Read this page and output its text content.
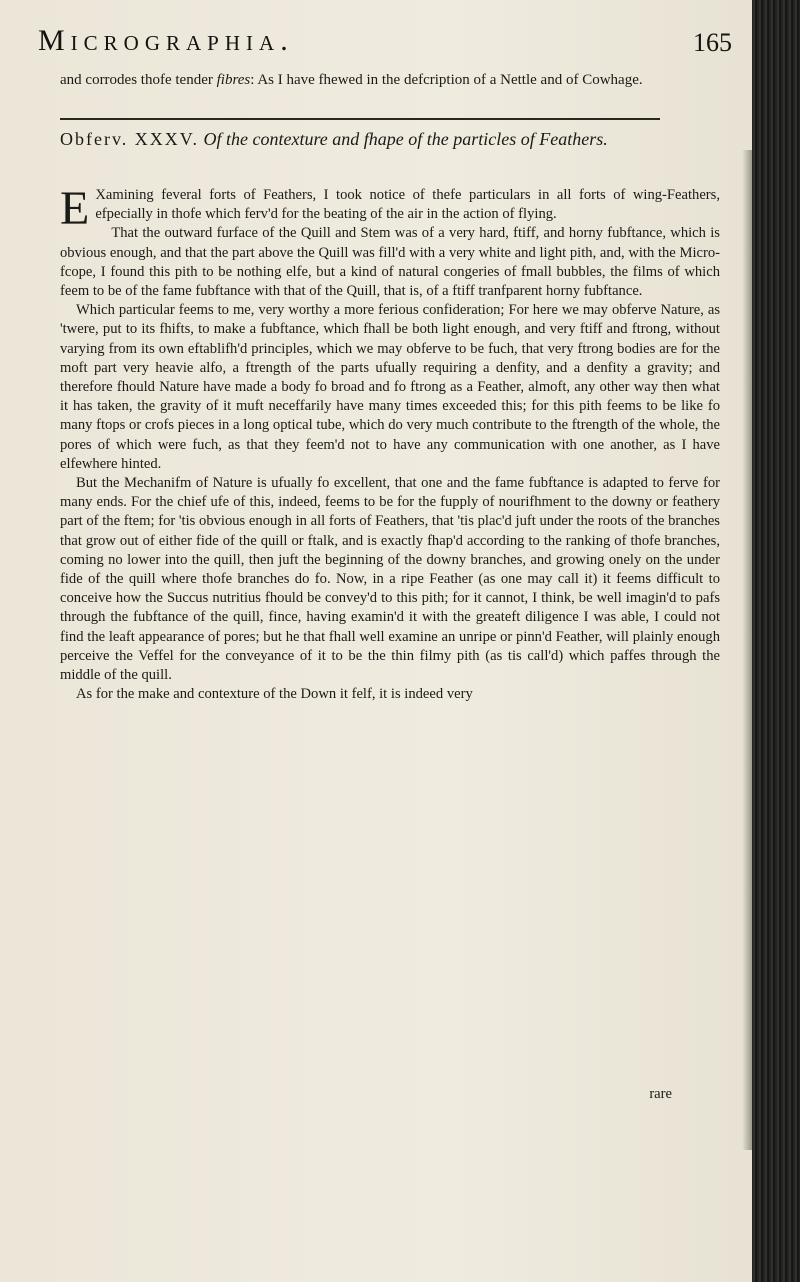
Micrographia.	165
and corrodes thofe tender fibres: As I have fhewed in the defcription of a Nettle and of Cowhage.
Obferv. XXXV. Of the contexture and fhape of the particles of Feathers.

E Xamining feveral forts of Feathers, I took notice of thefe particulars in all forts of wing-Feathers, efpecially in thofe which ferv'd for the beating of the air in the action of flying.

That the outward furface of the Quill and Stem was of a very hard, ftiff, and horny fubftance, which is obvious enough, and that the part above the Quill was fill'd with a very white and light pith, and, with the Micro-fcope, I found this pith to be nothing elfe, but a kind of natural congeries of fmall bubbles, the films of which feem to be of the fame fubftance with that of the Quill, that is, of a ftiff tranfparent horny fubftance.

Which particular feems to me, very worthy a more ferious confideration; For here we may obferve Nature, as 'twere, put to its fhifts, to make a fubftance, which fhall be both light enough, and very ftiff and ftrong, without varying from its own eftablifh'd principles, which we may obferve to be fuch, that very ftrong bodies are for the moft part very heavie alfo, a ftrength of the parts ufually requiring a denfity, and a denfity a gravity; and therefore fhould Nature have made a body fo broad and fo ftrong as a Feather, almoft, any other way then what it has taken, the gravity of it muft neceffarily have many times exceeded this; for this pith feems to be like fo many ftops or crofs pieces in a long optical tube, which do very much contribute to the ftrength of the whole, the pores of which were fuch, as that they feem'd not to have any communication with one another, as I have elfewhere hinted.

But the Mechanifm of Nature is ufually fo excellent, that one and the fame fubftance is adapted to ferve for many ends. For the chief ufe of this, indeed, feems to be for the fupply of nourifhment to the downy or feathery part of the ftem; for 'tis obvious enough in all forts of Feathers, that 'tis plac'd juft under the roots of the branches that grow out of either fide of the quill or ftalk, and is exactly fhap'd according to the ranking of thofe branches, coming no lower into the quill, then juft the beginning of the downy branches, and growing onely on the under fide of the quill where thofe branches do fo. Now, in a ripe Feather (as one may call it) it feems difficult to conceive how the Succus nutritius fhould be convey'd to this pith; for it cannot, I think, be well imagin'd to pafs through the fubftance of the quill, fince, having examin'd it with the greateft diligence I was able, I could not find the leaft appearance of pores; but he that fhall well examine an unripe or pinn'd Feather, will plainly enough perceive the Veffel for the conveyance of it to be the thin filmy pith (as tis call'd) which paffes through the middle of the quill.

As for the make and contexture of the Down it felf, it is indeed very

rare
